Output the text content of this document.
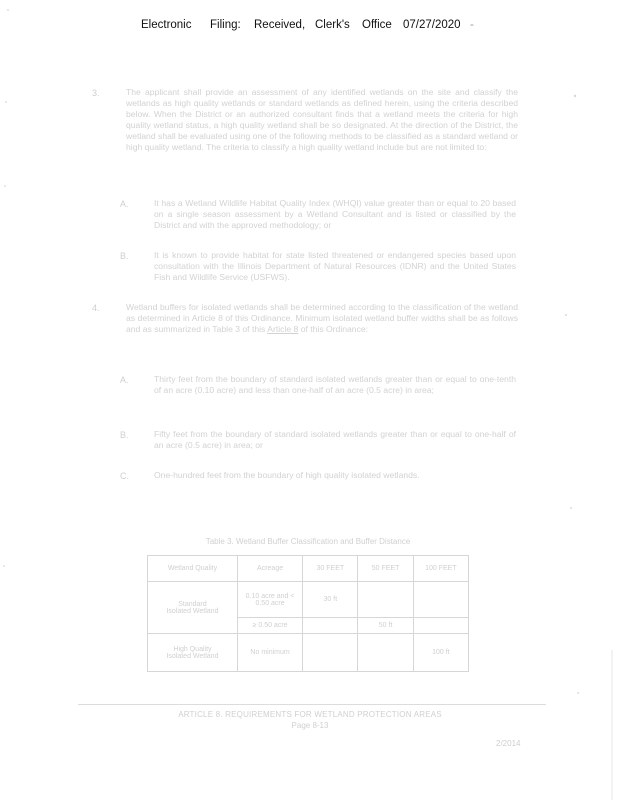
Electronic Filing: Received, Clerk's Office 07/27/2020 -
3.	The applicant shall provide an assessment of any identified wetlands on the site and classify the wetlands as high quality wetlands or standard wetlands as defined herein, using the criteria described below. When the District or an authorized consultant finds that a wetland meets the criteria for high quality wetland status, a high quality wetland shall be so designated. At the direction of the District, the wetland shall be evaluated using one of the following methods to be classified as a standard wetland or high quality wetland. The criteria to classify a high quality wetland include but are not limited to:
A.	It has a Wetland Wildlife Habitat Quality Index (WHQI) value greater than or equal to 20 based on a single season assessment by a Wetland Consultant and is listed or classified by the District and with the approved methodology; or
B.	It is known to provide habitat for state listed threatened or endangered species based upon consultation with the Illinois Department of Natural Resources (IDNR) and the United States Fish and Wildlife Service (USFWS).
4.	Wetland buffers for isolated wetlands shall be determined according to the classification of the wetland as determined in Article 8 of this Ordinance. Minimum isolated wetland buffer widths shall be as follows and as summarized in Table 3 of this Article 8 of this Ordinance:
A.	Thirty feet from the boundary of standard isolated wetlands greater than or equal to one-tenth of an acre (0.10 acre) and less than one-half of an acre (0.5 acre) in area;
B.	Fifty feet from the boundary of standard isolated wetlands greater than or equal to one-half of an acre (0.5 acre) in area; or
C.	One-hundred feet from the boundary of high quality isolated wetlands.
Table 3. Wetland Buffer Classification and Buffer Distance				
Wetland Quality	Acreage	30 FEET	50 FEET	100 FEET
Standard
Isolated Wetland	0.10 acre and < 0.50 acre	30 ft		
	≥ 0.50 acre		50 ft	
High Quality
Isolated Wetland	No minimum			100 ft
ARTICLE 8. REQUIREMENTS FOR WETLAND PROTECTION AREAS
Page 8-13
2/2014
